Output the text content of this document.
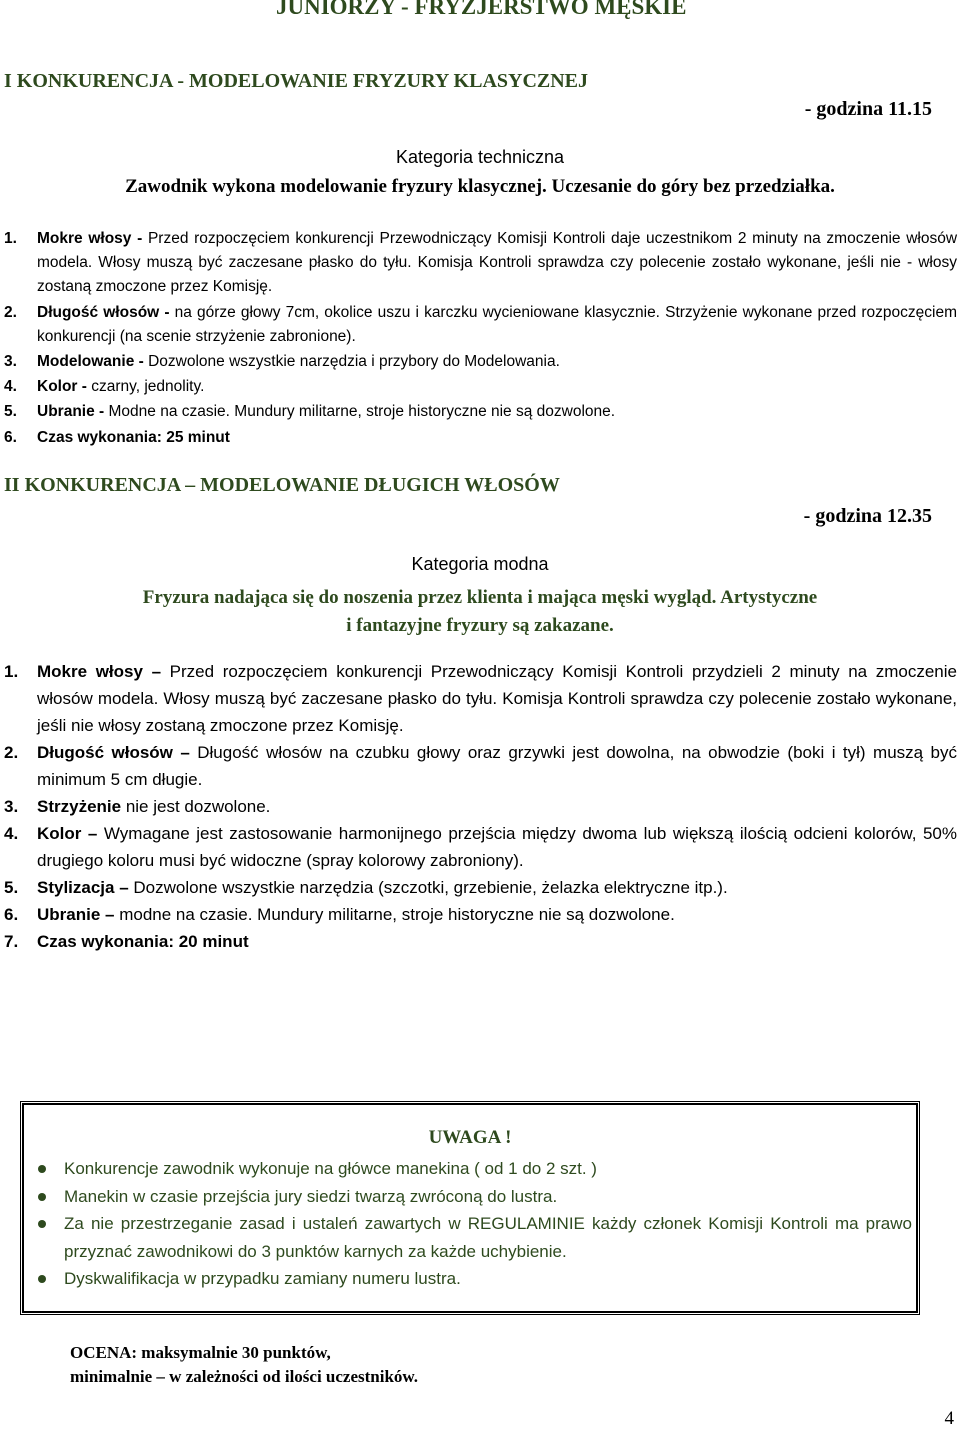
JUNIORZY - FRYZJERSTWO MĘSKIE
I KONKURENCJA - MODELOWANIE FRYZURY KLASYCZNEJ
- godzina 11.15
Kategoria techniczna
Zawodnik wykona modelowanie fryzury klasycznej. Uczesanie do góry bez przedziałka.
1. Mokre włosy - Przed rozpoczęciem konkurencji Przewodniczący Komisji Kontroli daje uczestnikom 2 minuty na zmoczenie włosów modela. Włosy muszą być zaczesane płasko do tyłu. Komisja Kontroli sprawdza czy polecenie zostało wykonane, jeśli nie - włosy zostaną zmoczone przez Komisję.
2. Długość włosów - na górze głowy 7cm, okolice uszu i karczku wycieniowane klasycznie. Strzyżenie wykonane przed rozpoczęciem konkurencji (na scenie strzyżenie zabronione).
3. Modelowanie - Dozwolone wszystkie narzędzia i przybory do Modelowania.
4. Kolor - czarny, jednolity.
5. Ubranie - Modne na czasie. Mundury militarne, stroje historyczne nie są dozwolone.
6. Czas wykonania: 25 minut
II KONKURENCJA – MODELOWANIE DŁUGICH WŁOSÓW
- godzina 12.35
Kategoria modna
Fryzura nadająca się do noszenia przez klienta i mająca męski wygląd. Artystyczne
i fantazyjne fryzury są zakazane.
1. Mokre włosy – Przed rozpoczęciem konkurencji Przewodniczący Komisji Kontroli przydzieli 2 minuty na zmoczenie włosów modela. Włosy muszą być zaczesane płasko do tyłu. Komisja Kontroli sprawdza czy polecenie zostało wykonane, jeśli nie włosy zostaną zmoczone przez Komisję.
2. Długość włosów – Długość włosów na czubku głowy oraz grzywki jest dowolna, na obwodzie (boki i tył) muszą być minimum 5 cm długie.
3. Strzyżenie nie jest dozwolone.
4. Kolor – Wymagane jest zastosowanie harmonijnego przejścia między dwoma lub większą ilością odcieni kolorów, 50% drugiego koloru musi być widoczne (spray kolorowy zabroniony).
5. Stylizacja – Dozwolone wszystkie narzędzia (szczotki, grzebienie, żelazka elektryczne itp.).
6. Ubranie – modne na czasie. Mundury militarne, stroje historyczne nie są dozwolone.
7. Czas wykonania: 20 minut
UWAGA !
Konkurencje zawodnik wykonuje na główce manekina ( od 1 do 2 szt. )
Manekin w czasie przejścia jury siedzi twarzą zwróconą do lustra.
Za nie przestrzeganie zasad i ustaleń zawartych w REGULAMINIE każdy członek Komisji Kontroli ma prawo przyznać zawodnikowi do 3 punktów karnych za każde uchybienie.
Dyskwalifikacja w przypadku zamiany numeru lustra.
OCENA: maksymalnie 30 punktów,
minimalnie – w zależności od ilości uczestników.
4
